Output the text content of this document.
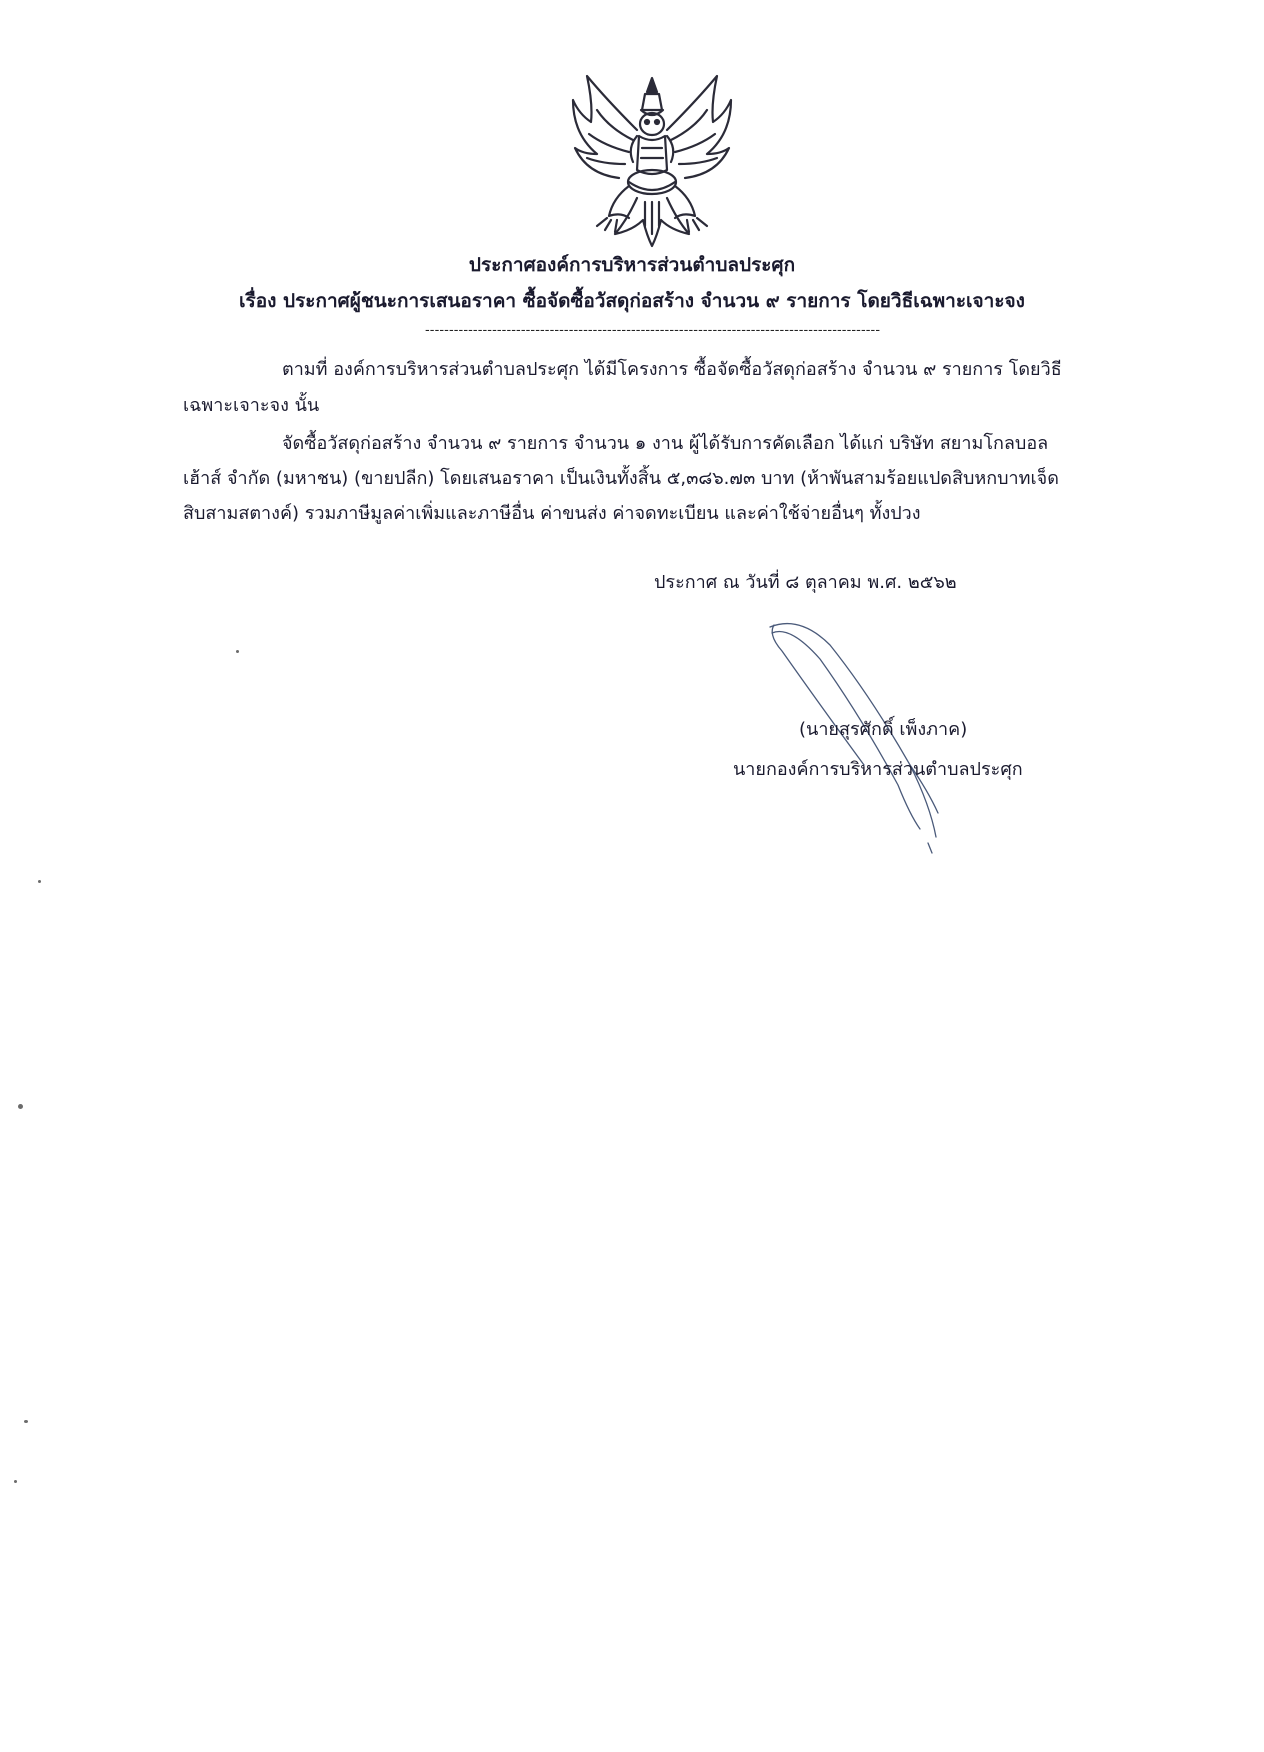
ประกาศองค์การบริหารส่วนตำบลประศุก
เรื่อง ประกาศผู้ชนะการเสนอราคา ซื้อจัดซื้อวัสดุก่อสร้าง จำนวน ๙ รายการ โดยวิธีเฉพาะเจาะจง
-----------------------------------------------------------------------------------------------
ตามที่ องค์การบริหารส่วนตำบลประศุก ได้มีโครงการ ซื้อจัดซื้อวัสดุก่อสร้าง จำนวน ๙ รายการ โดยวิธี
เฉพาะเจาะจง นั้น
จัดซื้อวัสดุก่อสร้าง จำนวน ๙ รายการ จำนวน ๑ งาน ผู้ได้รับการคัดเลือก ได้แก่ บริษัท สยามโกลบอล
เฮ้าส์ จำกัด (มหาชน) (ขายปลีก) โดยเสนอราคา เป็นเงินทั้งสิ้น ๕,๓๘๖.๗๓ บาท (ห้าพันสามร้อยแปดสิบหกบาทเจ็ด
สิบสามสตางค์) รวมภาษีมูลค่าเพิ่มและภาษีอื่น ค่าขนส่ง ค่าจดทะเบียน และค่าใช้จ่ายอื่นๆ ทั้งปวง
ประกาศ ณ วันที่ ๘ ตุลาคม พ.ศ. ๒๕๖๒
(นายสุรศักดิ์ เพ็งภาค)
นายกองค์การบริหารส่วนตำบลประศุก
